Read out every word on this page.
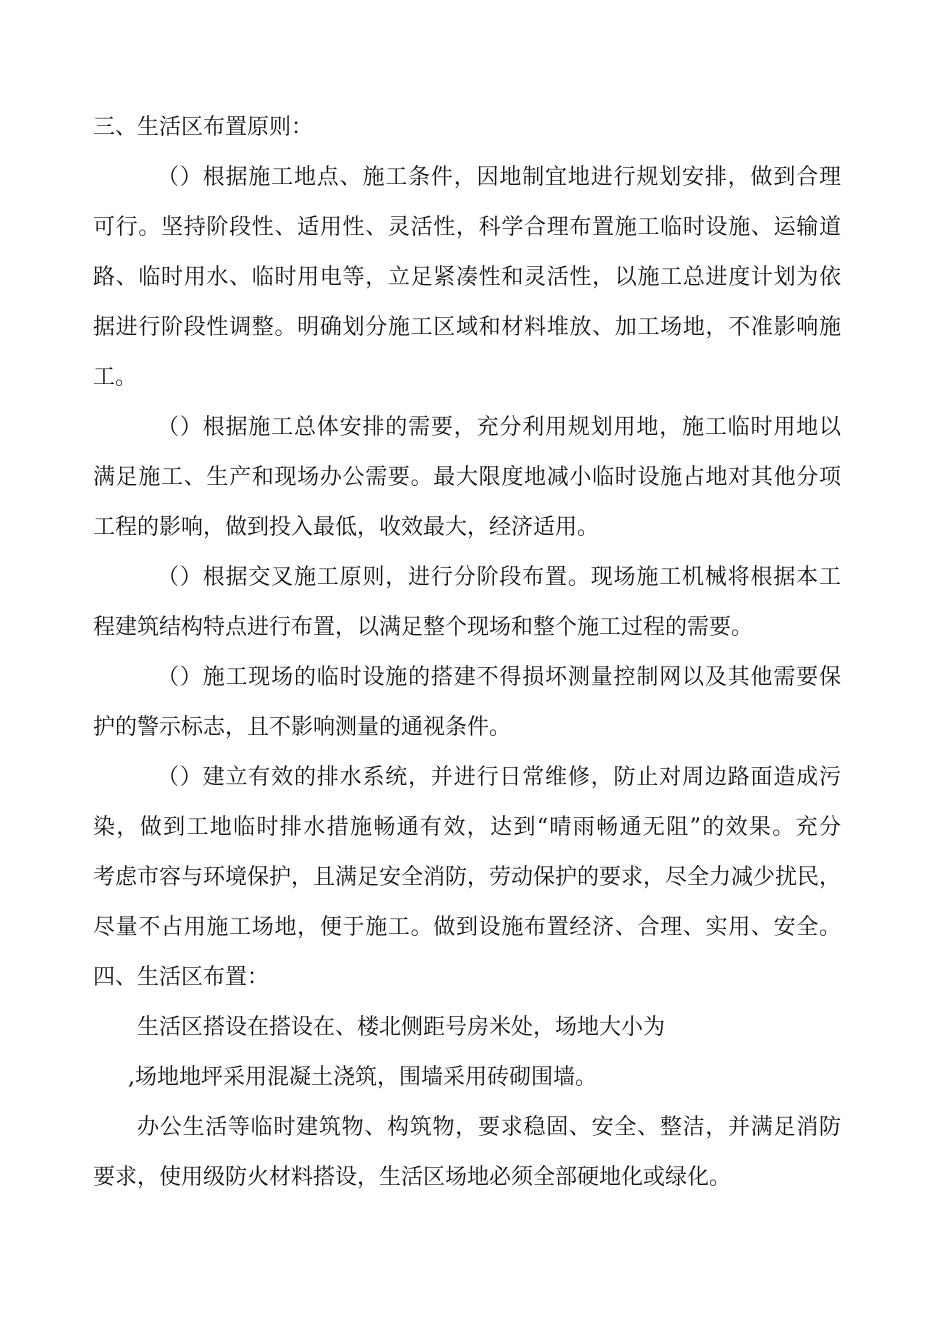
三、生活区布置原则：

（）根据施工地点、施工条件，因地制宜地进行规划安排，做到合理

可行。坚持阶段性、适用性、灵活性，科学合理布置施工临时设施、运输道

路、临时用水、临时用电等，立足紧凑性和灵活性，以施工总进度计划为依

据进行阶段性调整。明确划分施工区域和材料堆放、加工场地，不准影响施

工。

（）根据施工总体安排的需要，充分利用规划用地，施工临时用地以

满足施工、生产和现场办公需要。最大限度地减小临时设施占地对其他分项

工程的影响，做到投入最低，收效最大，经济适用。

（）根据交叉施工原则，进行分阶段布置。现场施工机械将根据本工

程建筑结构特点进行布置，以满足整个现场和整个施工过程的需要。

（）施工现场的临时设施的搭建不得损坏测量控制网以及其他需要保

护的警示标志，且不影响测量的通视条件。

（）建立有效的排水系统，并进行日常维修，防止对周边路面造成污

染，做到工地临时排水措施畅通有效，达到“晴雨畅通无阻”的效果。充分

考虑市容与环境保护，且满足安全消防，劳动保护的要求，尽全力减少扰民，

尽量不占用施工场地，便于施工。做到设施布置经济、合理、实用、安全。

四、生活区布置：

生活区搭设在搭设在、楼北侧距号房米处，场地大小为

,场地地坪采用混凝土浇筑，围墙采用砖砌围墙。

办公生活等临时建筑物、构筑物，要求稳固、安全、整洁，并满足消防

要求，使用级防火材料搭设，生活区场地必须全部硬地化或绿化。
